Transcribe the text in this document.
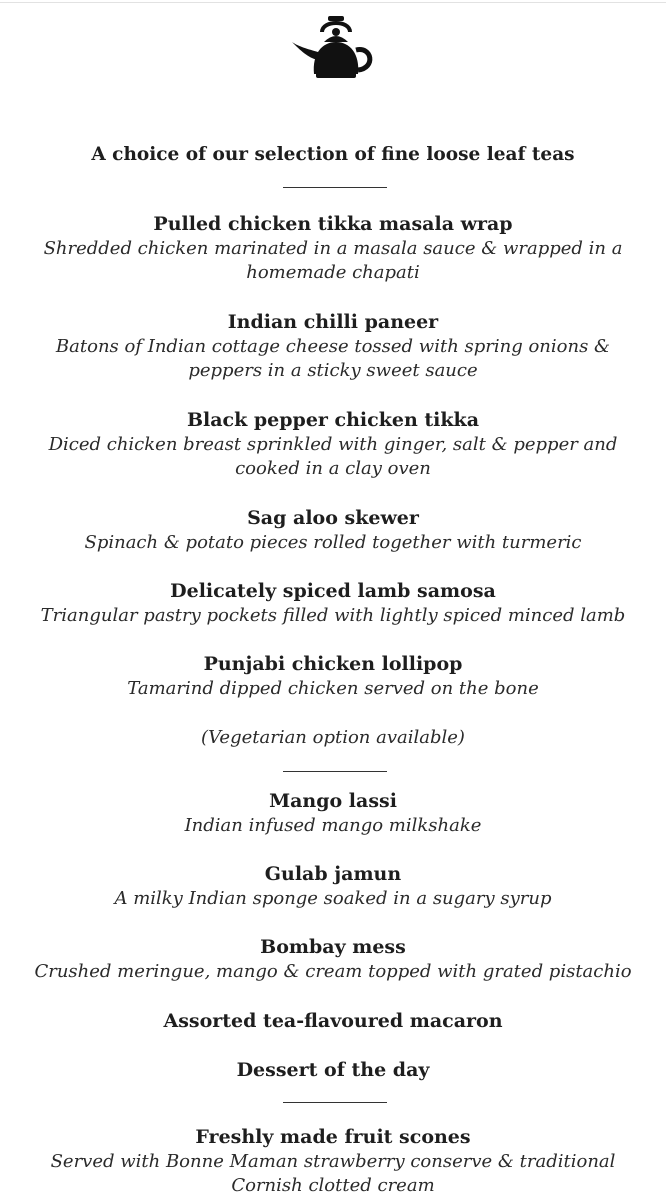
A choice of our selection of fine loose leaf teas
Pulled chicken tikka masala wrap
Shredded chicken marinated in a masala sauce & wrapped in a
homemade chapati
Indian chilli paneer
Batons of Indian cottage cheese tossed with spring onions &
peppers in a sticky sweet sauce
Black pepper chicken tikka
Diced chicken breast sprinkled with ginger, salt & pepper and
cooked in a clay oven
Sag aloo skewer
Spinach & potato pieces rolled together with turmeric
Delicately spiced lamb samosa
Triangular pastry pockets filled with lightly spiced minced lamb
Punjabi chicken lollipop
Tamarind dipped chicken served on the bone
(Vegetarian option available)
Mango lassi
Indian infused mango milkshake
Gulab jamun
A milky Indian sponge soaked in a sugary syrup
Bombay mess
Crushed meringue, mango & cream topped with grated pistachio
Assorted tea-flavoured macaron
Dessert of the day
Freshly made fruit scones
Served with Bonne Maman strawberry conserve & traditional
Cornish clotted cream
